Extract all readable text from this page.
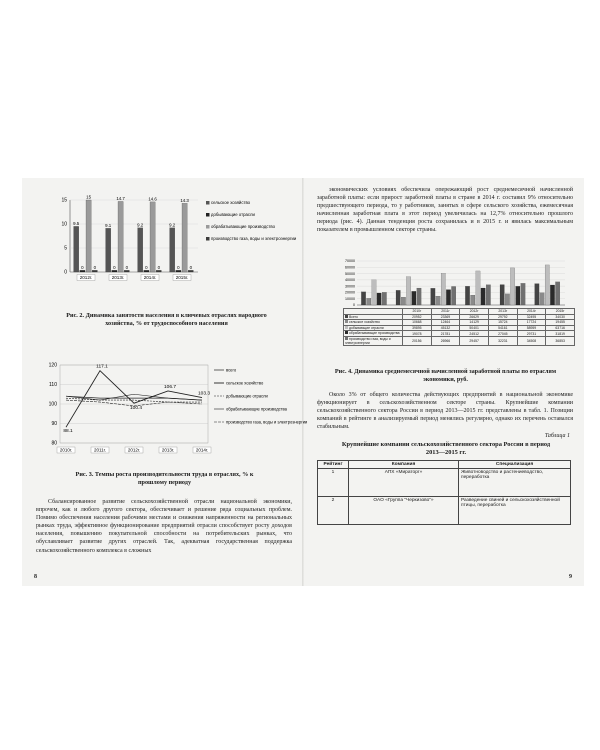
0
5
10
15
9.5
0
15
0
2012г.
9.1
0
14.7
0
2013г.
9.2
0
14.6
0
2014г.
9.2
0
14.3
0
2015г.
сельское хозяйство
добывающие отрасли
обрабатывающие производство
производство газа, воды и электроэнергии
Рис. 2. Динамика занятости населения в ключевых отраслях народного хозяйства, % от трудоспособного населения
80
90
100
110
120
всего
сельское хозяйство
добывающие отрасли
обрабатывающие производства
производство газа, воды и электроэнергии
88.1
117.1
100.4
106.7
103.3
2010г.	2011г.	2012г.	2013г.	2014г.
Рис. 3. Темпы роста производительности труда в отраслях, % к прошлому периоду

Сбалансированное развитие сельскохозяйственной отрасли национальной экономики, впрочем, как и любого другого сектора, обеспечивает и решение ряда социальных проблем. Помимо обеспечения населения рабочими местами и снижения напряженности на региональных рынках труда, эффективное функционирование предприятий отрасли способствует росту доходов населения, повышению покупательной способности на потребительских рынках, что обуславливает развитие других отраслей. Так, адекватная государственная поддержка сельскохозяйственного комплекса в сложных

8

экономических условиях обеспечила опережающий рост среднемесячной начисленной заработной платы: если прирост заработной платы в стране в 2014 г. составил 9% относительно предшествующего периода, то у работников, занятых в сфере сельского хозяйства, ежемесячная начисленная заработная плата в этот период увеличилась на 12,7% относительно прошлого периода (рис. 4). Данная тенденция роста сохранилась и в 2015 г. и явилась максимальным показателем в промышленном секторе страны.

0
10000
20000
30000
40000
50000
60000
70000
	2010г	2011г	2012г	2013г	2014г	2015г
Всего	20952	23369	26629	29792	32495	34030
сельское хозяйство	10668	12464	14129	15724	17724	19455
добывающие отрасли	39895	45132	50401	54161	58959	63716
обрабатывающие производства	19078	21781	24512	27045	29731	31819
производство газа, воды и электроэнергии	20156	26966	29457	32231	34508	36853
Рис. 4. Динамика среднемесячной начисленной заработной платы по отраслям экономики, руб.

Около 3% от общего количества действующих предприятий в национальной экономике функционирует в сельскохозяйственном секторе страны. Крупнейшие компании сельскохозяйственного сектора России в период 2013—2015 гг. представлены в табл. 1. Позиции компаний в рейтинге в анализируемый период менялись регулярно, однако их перечень оставался стабильным.

Таблица 1
Крупнейшие компании сельскохозяйственного сектора России в период 2013—2015 гг.
Рейтинг	Компания	Специализация
1	АПХ «Мираторг»	Животноводство и растениеводство, переработка
2	ОАО «Группа “Черкизово”»	Разведение свиней и сельскохозяйственной птицы, переработка
9
